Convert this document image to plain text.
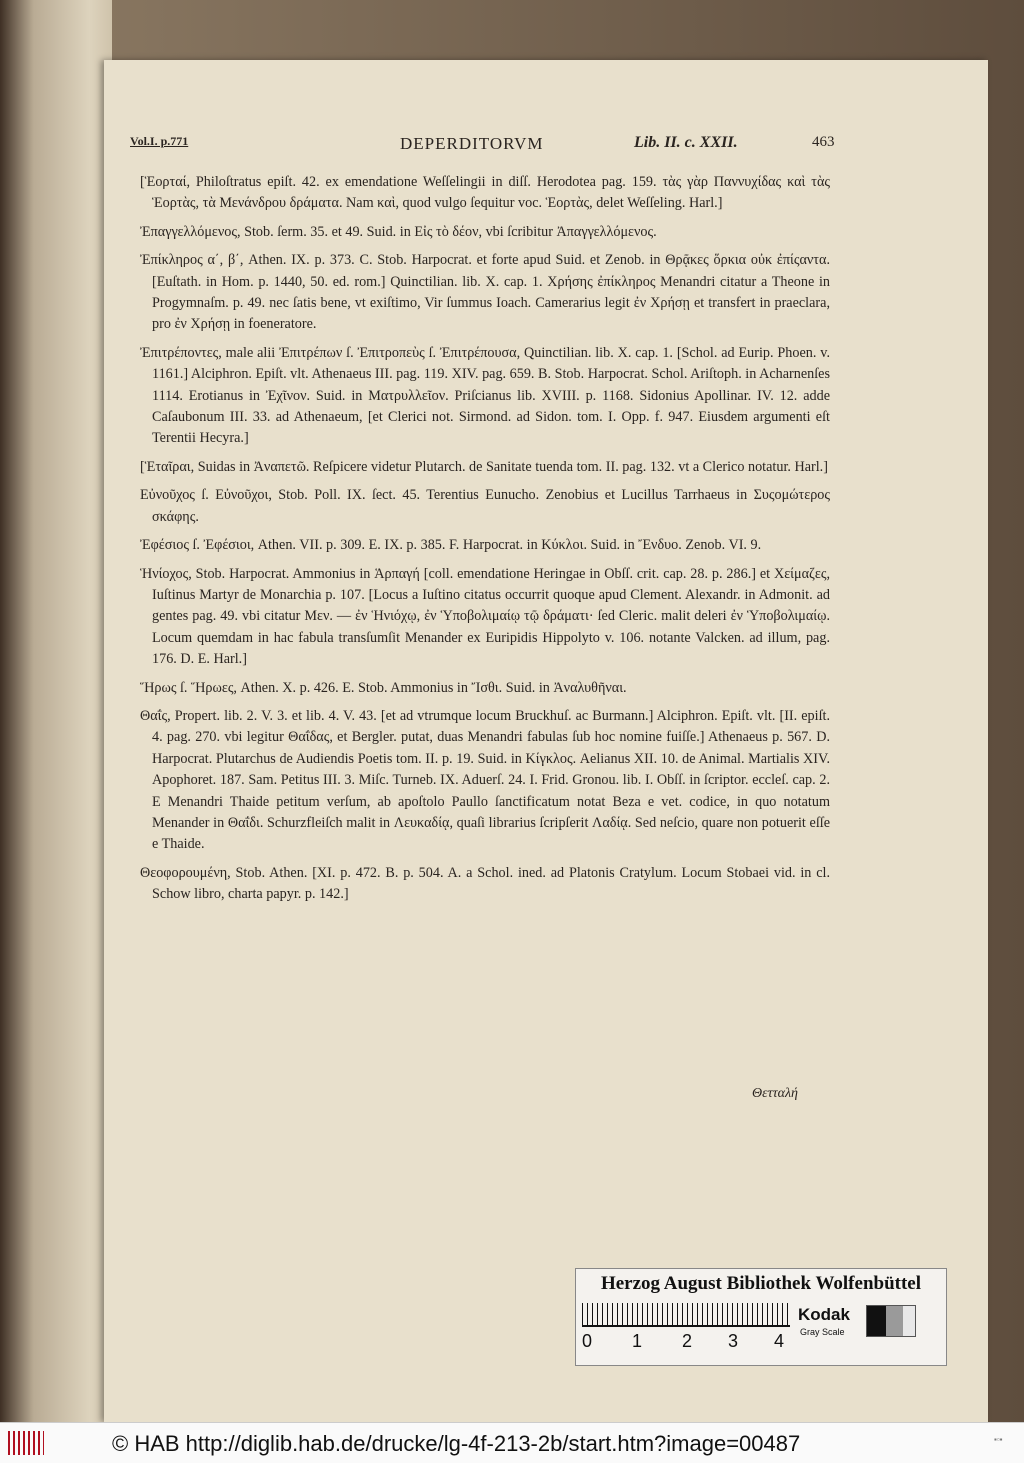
Vol.I. p.771	DEPERDITORVM	Lib. II. c. XXII.	463

[Ἑορταί, Philoſtratus epiſt. 42. ex emendatione Weſſelingii in diſſ. Herodotea pag. 159. τὰς γὰρ Παννυχίδας καὶ τὰς Ἑορτὰς, τὰ Μενάνδρου δράματα. Nam καὶ, quod vulgo ſequitur voc. Ἑορτὰς, delet Weſſeling. Harl.]

Ἐπαγγελλόμενος, Stob. ſerm. 35. et 49. Suid. in Εἰς τὸ δέον, vbi ſcribitur Ἀπαγγελλόμενος.

Ἐπίκληρος α΄, β΄, Athen. IX. p. 373. C. Stob. Harpocrat. et forte apud Suid. et Zenob. in Θρᾷκες ὅρκια οὐκ ἐπίςαντα. [Euſtath. in Hom. p. 1440, 50. ed. rom.] Quinctilian. lib. X. cap. 1. Χρήσης ἐπίκληρος Menandri citatur a Theone in Progymnaſm. p. 49. nec ſatis bene, vt exiſtimo, Vir ſummus Ioach. Camerarius legit ἐν Χρήσῃ et transfert in praeclara, pro ἐν Χρήσῃ in foeneratore.

Ἐπιτρέποντες, male alii Ἐπιτρέπων ſ. Ἐπιτροπεὺς ſ. Ἐπιτρέπουσα, Quinctilian. lib. X. cap. 1. [Schol. ad Eurip. Phoen. v. 1161.] Alciphron. Epiſt. vlt. Athenaeus III. pag. 119. XIV. pag. 659. B. Stob. Harpocrat. Schol. Ariſtoph. in Acharnenſes 1114. Erotianus in Ἐχῖνον. Suid. in Ματρυλλεῖον. Priſcianus lib. XVIII. p. 1168. Sidonius Apollinar. IV. 12. adde Caſaubonum III. 33. ad Athenaeum, [et Clerici not. Sirmond. ad Sidon. tom. I. Opp. f. 947. Eiusdem argumenti eſt Terentii Hecyra.]

[Ἑταῖραι, Suidas in Ἀναπετῶ. Reſpicere videtur Plutarch. de Sanitate tuenda tom. II. pag. 132. vt a Clerico notatur. Harl.]

Εὐνοῦχος ſ. Εὐνοῦχοι, Stob. Poll. IX. ſect. 45. Terentius Eunucho. Zenobius et Lucillus Tarrhaeus in Συςομώτερος σκάφης.

Ἐφέσιος ſ. Ἐφέσιοι, Athen. VII. p. 309. E. IX. p. 385. F. Harpocrat. in Κύκλοι. Suid. in Ἔνδυο. Zenob. VI. 9.

Ἡνίοχος, Stob. Harpocrat. Ammonius in Ἁρπαγή [coll. emendatione Heringae in Obſſ. crit. cap. 28. p. 286.] et Χείμαζες, Iuſtinus Martyr de Monarchia p. 107. [Locus a Iuſtino citatus occurrit quoque apud Clement. Alexandr. in Admonit. ad gentes pag. 49. vbi citatur Μεν. — ἐν Ἡνιόχῳ, ἐν Ὑποβολιμαίῳ τῷ δράματι· ſed Cleric. malit deleri ἐν Ὑποβολιμαίῳ. Locum quemdam in hac fabula transſumſit Menander ex Euripidis Hippolyto v. 106. notante Valcken. ad illum, pag. 176. D. E. Harl.]

Ἥρως ſ. Ἥρωες, Athen. X. p. 426. E. Stob. Ammonius in Ἴσθι. Suid. in Ἀναλυθῆναι.

Θαΐς, Propert. lib. 2. V. 3. et lib. 4. V. 43. [et ad vtrumque locum Bruckhuſ. ac Burmann.] Alciphron. Epiſt. vlt. [II. epiſt. 4. pag. 270. vbi legitur Θαΐδας, et Bergler. putat, duas Menandri fabulas ſub hoc nomine fuiſſe.] Athenaeus p. 567. D. Harpocrat. Plutarchus de Audiendis Poetis tom. II. p. 19. Suid. in Κίγκλος. Aelianus XII. 10. de Animal. Martialis XIV. Apophoret. 187. Sam. Petitus III. 3. Miſc. Turneb. IX. Aduerſ. 24. I. Frid. Gronou. lib. I. Obſſ. in ſcriptor. eccleſ. cap. 2. E Menandri Thaide petitum verſum, ab apoſtolo Paullo ſanctificatum notat Beza e vet. codice, in quo notatum Menander in Θαΐδι. Schurzfleiſch malit in Λευκαδίᾳ, quaſi librarius ſcripſerit Λαδίᾳ. Sed neſcio, quare non potuerit eſſe e Thaide.

Θεοφορουμένη, Stob. Athen. [XI. p. 472. B. p. 504. A. a Schol. ined. ad Platonis Cratylum. Locum Stobaei vid. in cl. Schow libro, charta papyr. p. 142.]

Θετταλή
Herzog August Bibliothek Wolfenbüttel
0 1 2 3 4
Kodak
Gray Scale
© HAB http://diglib.hab.de/drucke/lg-4f-213-2b/start.htm?image=00487	▪▫▪
